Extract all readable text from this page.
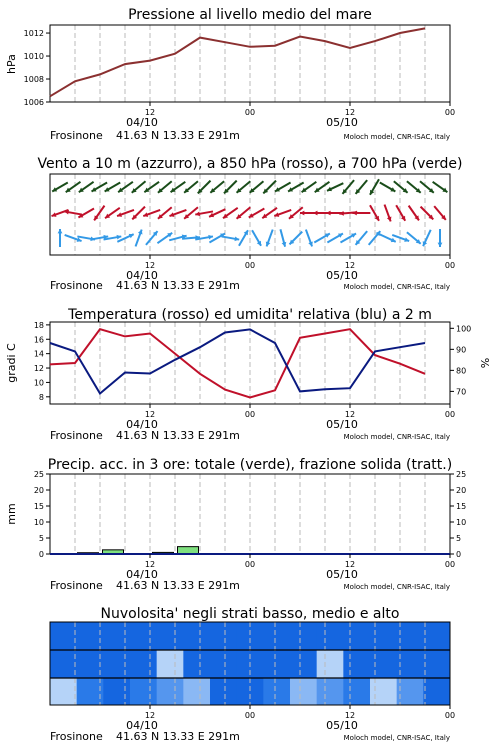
Pressione al livello medio del mare
hPa
1006
1008
1010
1012
12	00	12	00
04/10	05/10
Frosinone 41.63 N 13.33 E 291m	Moloch model, CNR-ISAC, Italy
Vento a 10 m (azzurro), a 850 hPa (rosso), a 700 hPa (verde)
12	00	12	00
04/10	05/10
Frosinone 41.63 N 13.33 E 291m	Moloch model, CNR-ISAC, Italy
Temperatura (rosso) ed umidita' relativa (blu) a 2 m
gradi C	%
8
10
12
14
16
18
70
80
90
100
12	00	12	00
04/10	05/10
Frosinone 41.63 N 13.33 E 291m	Moloch model, CNR-ISAC, Italy
Precip. acc. in 3 ore: totale (verde), frazione solida (tratt.)
mm
0
5
10
15
20
25
0
5
10
15
20
25
12	00	12	00
04/10	05/10
Frosinone 41.63 N 13.33 E 291m	Moloch model, CNR-ISAC, Italy
Nuvolosita' negli strati basso, medio e alto
12	00	12	00
04/10	05/10
Frosinone 41.63 N 13.33 E 291m	Moloch model, CNR-ISAC, Italy
